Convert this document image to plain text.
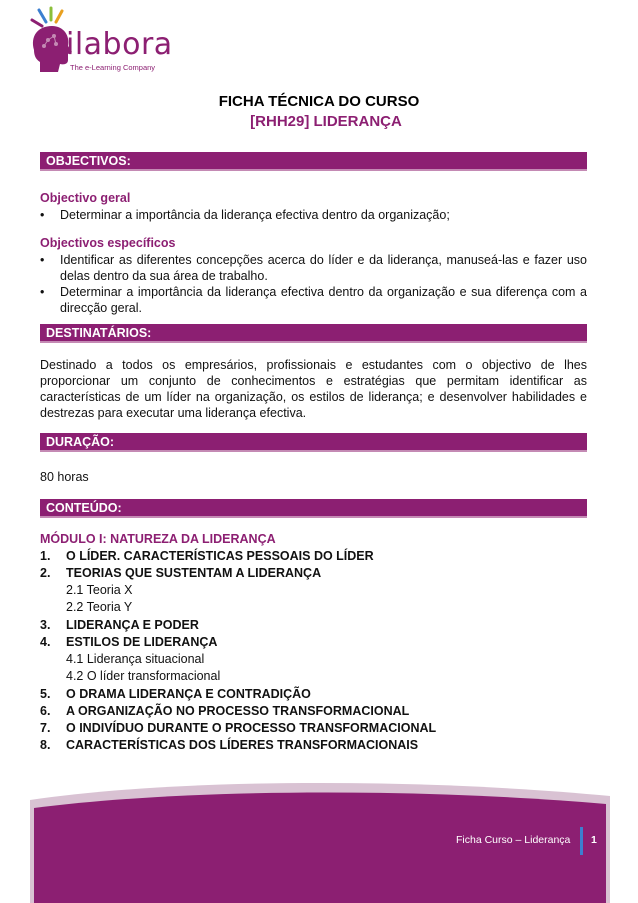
ilabora
The e-Learning Company
FICHA TÉCNICA DO CURSO
[RHH29] LIDERANÇA
OBJECTIVOS:
Objectivo geral
• Determinar a importância da liderança efectiva dentro da organização;
Objectivos específicos
• Identificar as diferentes concepções acerca do líder e da liderança, manuseá-las e fazer uso delas dentro da sua área de trabalho.
• Determinar a importância da liderança efectiva dentro da organização e sua diferença com a direcção geral.
DESTINATÁRIOS:
Destinado a todos os empresários, profissionais e estudantes com o objectivo de lhes proporcionar um conjunto de conhecimentos e estratégias que permitam identificar as características de um líder na organização, os estilos de liderança; e desenvolver habilidades e destrezas para executar uma liderança efectiva.
DURAÇÃO:
80 horas
CONTEÚDO:
MÓDULO I: NATUREZA DA LIDERANÇA
1. O LÍDER. CARACTERÍSTICAS PESSOAIS DO LÍDER
2. TEORIAS QUE SUSTENTAM A LIDERANÇA
2.1 Teoria X
2.2 Teoria Y
3. LIDERANÇA E PODER
4. ESTILOS DE LIDERANÇA
4.1 Liderança situacional
4.2 O líder transformacional
5. O DRAMA LIDERANÇA E CONTRADIÇÃO
6. A ORGANIZAÇÃO NO PROCESSO TRANSFORMACIONAL
7. O INDIVÍDUO DURANTE O PROCESSO TRANSFORMACIONAL
8. CARACTERÍSTICAS DOS LÍDERES TRANSFORMACIONAIS
Ficha Curso – Liderança 1
